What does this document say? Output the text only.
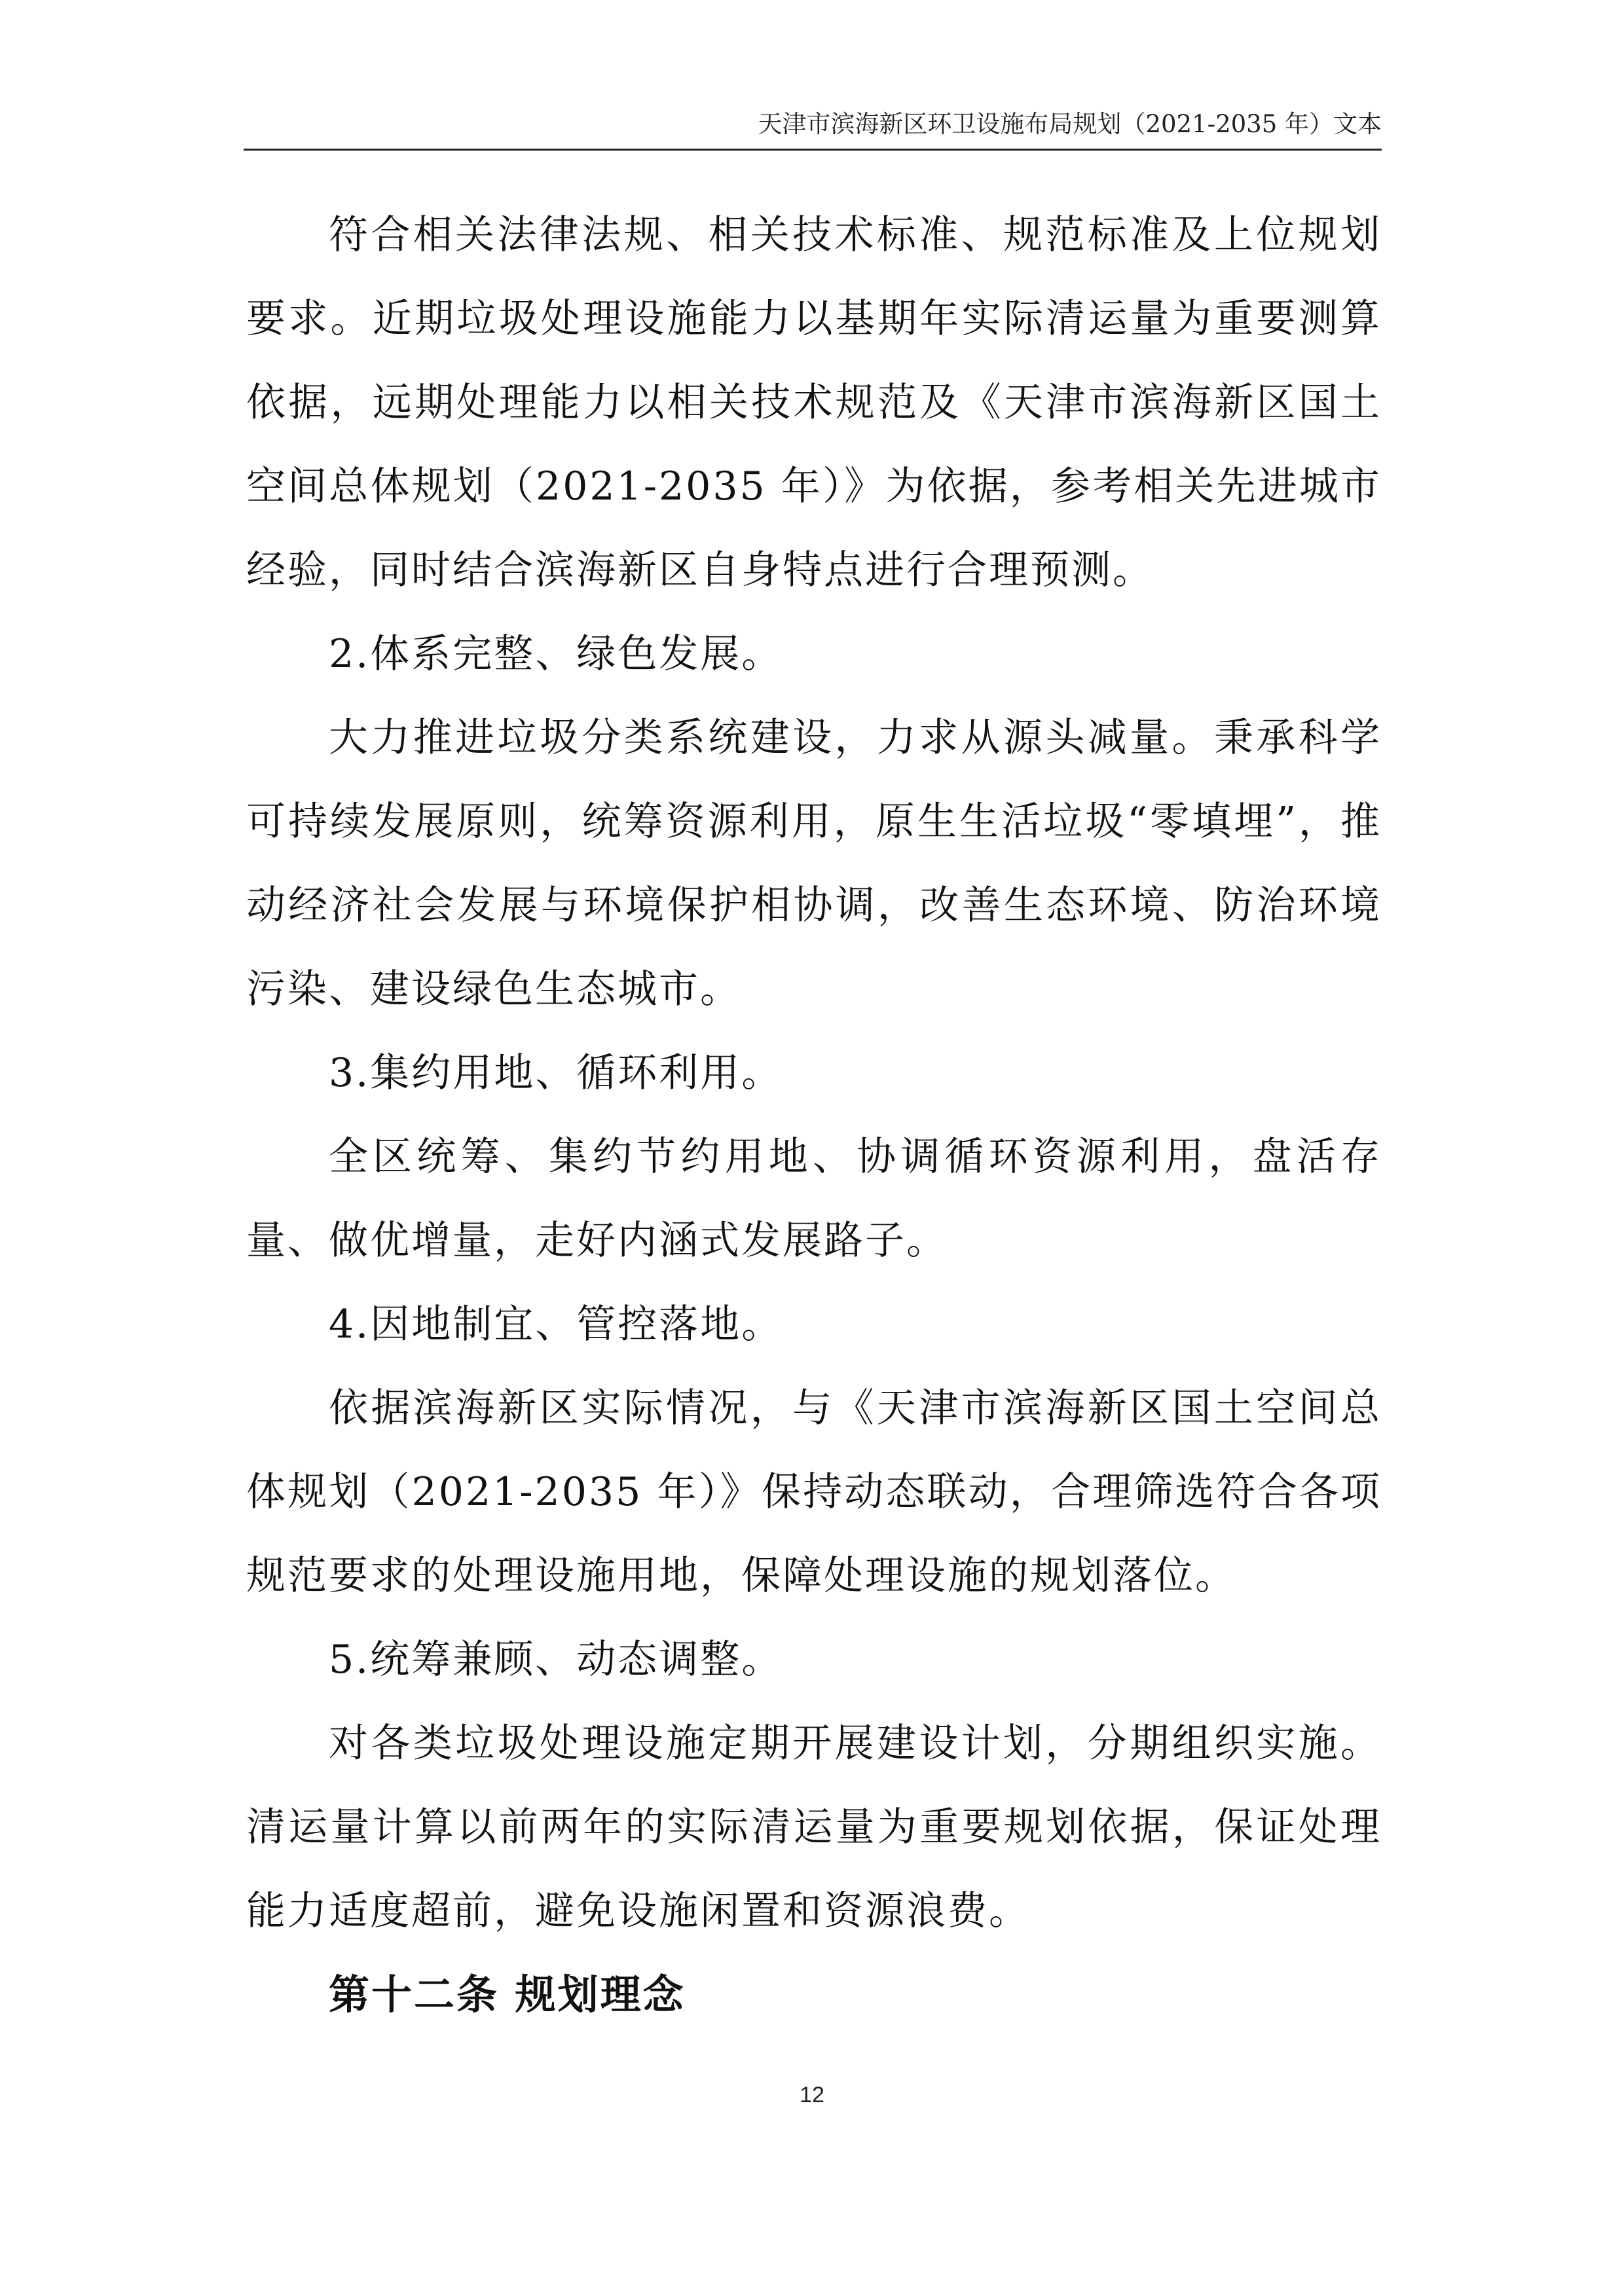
天津市滨海新区环卫设施布局规划（2021-2035 年）文本

符合相关法律法规、相关技术标准、规范标准及上位规划要求。近期垃圾处理设施能力以基期年实际清运量为重要测算依据，远期处理能力以相关技术规范及《天津市滨海新区国土空间总体规划（2021-2035 年）》为依据，参考相关先进城市经验，同时结合滨海新区自身特点进行合理预测。

2.体系完整、绿色发展。

大力推进垃圾分类系统建设，力求从源头减量。秉承科学可持续发展原则，统筹资源利用，原生生活垃圾“零填埋”，推动经济社会发展与环境保护相协调，改善生态环境、防治环境污染、建设绿色生态城市。

3.集约用地、循环利用。

全区统筹、集约节约用地、协调循环资源利用，盘活存量、做优增量，走好内涵式发展路子。

4.因地制宜、管控落地。

依据滨海新区实际情况，与《天津市滨海新区国土空间总体规划（2021-2035 年）》保持动态联动，合理筛选符合各项规范要求的处理设施用地，保障处理设施的规划落位。

5.统筹兼顾、动态调整。

对各类垃圾处理设施定期开展建设计划，分期组织实施。清运量计算以前两年的实际清运量为重要规划依据，保证处理能力适度超前，避免设施闲置和资源浪费。

第十二条 规划理念

12
